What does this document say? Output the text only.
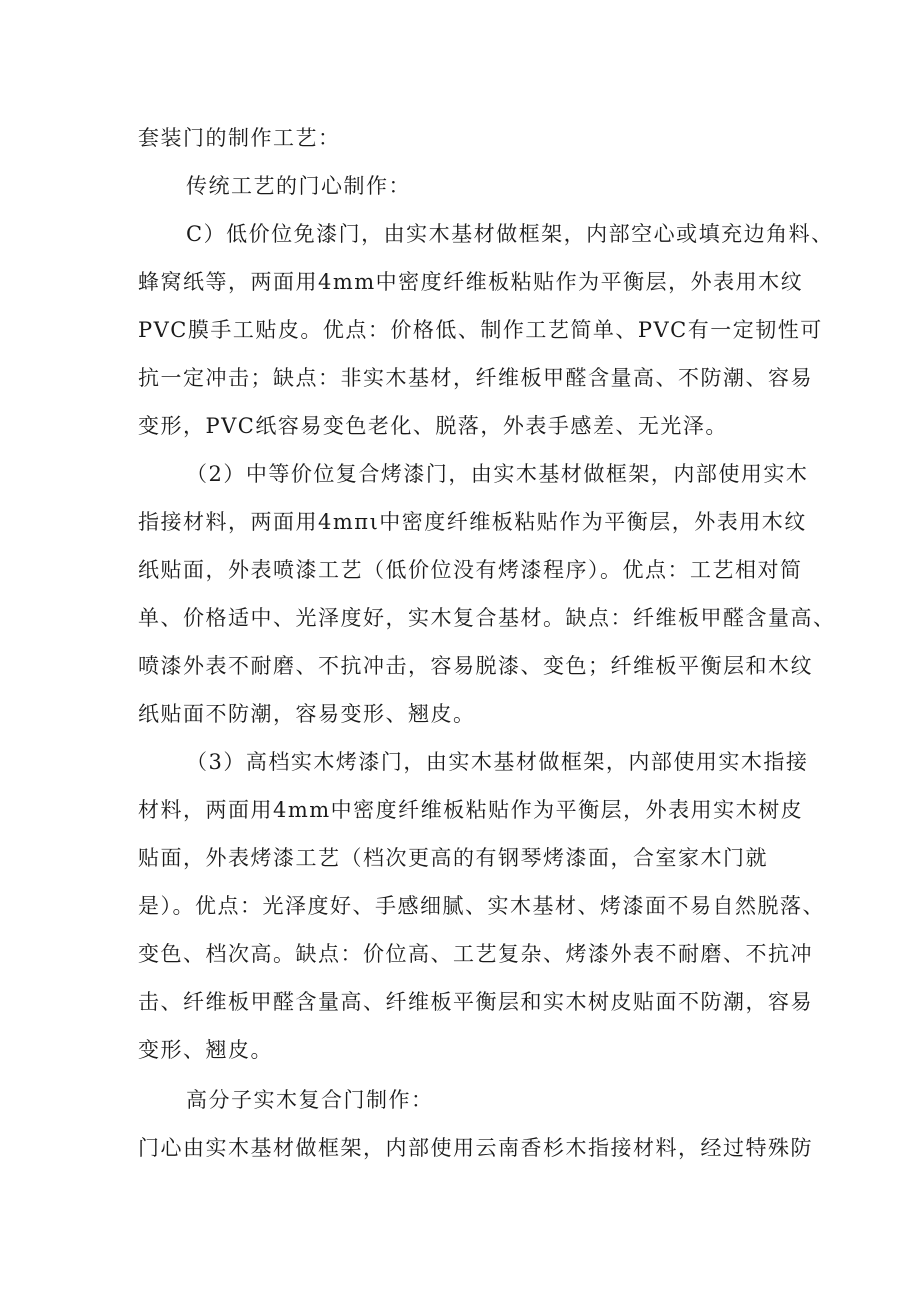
套装门的制作工艺：
传统工艺的门心制作：
C）低价位免漆门，由实木基材做框架，内部空心或填充边角料、
蜂窝纸等，两面用4mm中密度纤维板粘贴作为平衡层，外表用木纹
PVC膜手工贴皮。优点：价格低、制作工艺简单、PVC有一定韧性可
抗一定冲击；缺点：非实木基材，纤维板甲醛含量高、不防潮、容易
变形，PVC纸容易变色老化、脱落，外表手感差、无光泽。
（2）中等价位复合烤漆门，由实木基材做框架，内部使用实木
指接材料，两面用4mπι中密度纤维板粘贴作为平衡层，外表用木纹
纸贴面，外表喷漆工艺（低价位没有烤漆程序）。优点：工艺相对简
单、价格适中、光泽度好，实木复合基材。缺点：纤维板甲醛含量高、
喷漆外表不耐磨、不抗冲击，容易脱漆、变色；纤维板平衡层和木纹
纸贴面不防潮，容易变形、翘皮。
（3）高档实木烤漆门，由实木基材做框架，内部使用实木指接
材料，两面用4mm中密度纤维板粘贴作为平衡层，外表用实木树皮
贴面，外表烤漆工艺（档次更高的有钢琴烤漆面，合室家木门就
是）。优点：光泽度好、手感细腻、实木基材、烤漆面不易自然脱落、
变色、档次高。缺点：价位高、工艺复杂、烤漆外表不耐磨、不抗冲
击、纤维板甲醛含量高、纤维板平衡层和实木树皮贴面不防潮，容易
变形、翘皮。
高分子实木复合门制作：
门心由实木基材做框架，内部使用云南香杉木指接材料，经过特殊防
